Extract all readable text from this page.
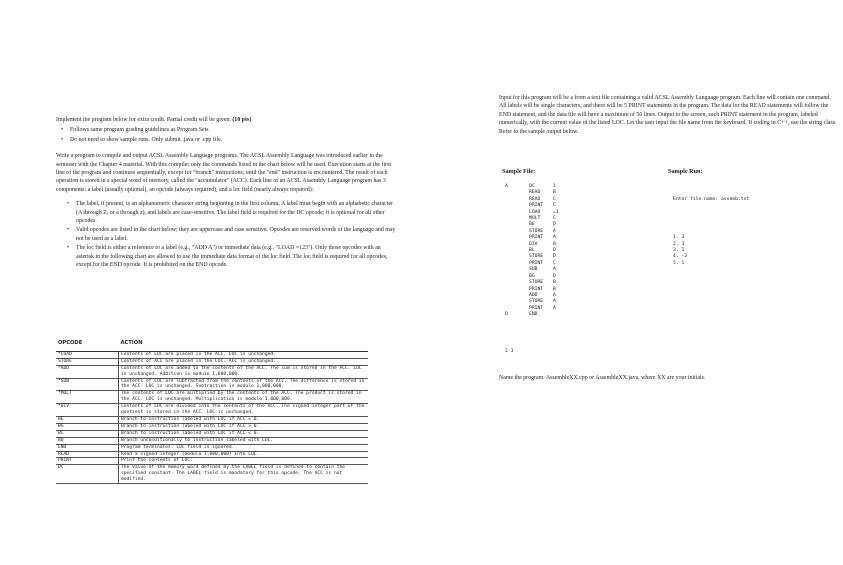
Implement the program below for extra credit. Partial credit will be given. (10 pts)

• Follows same program grading guidelines as Program Sets
• Do not need to show sample runs. Only submit .java or .cpp file.

Write a program to compile and output ACSL Assembly Language programs. The ACSL Assembly Language was introduced earlier in the semester with the Chapter 4 material. With this compiler only the commands listed in the chart below will be used. Execution starts at the first line of the program and continues sequentially, except for "branch" instructions, until the "end" instruction is encountered. The result of each operation is stored in a special word of memory, called the "accumulator" (ACC). Each line of an ACSL Assembly Language program has 3 components: a label (usually optional), an opcode (always required), and a loc field (nearly always required):

• The label, if present, is an alphanumeric character string beginning in the first column. A label must begin with an alphabetic character (A through Z, or a through z), and labels are case-sensitive. The label field is required for the DC opcode; it is optional for all other opcodes.
• Valid opcodes are listed in the chart below; they are uppercase and case sensitive. Opcodes are reserved words of the language and may not be used as a label.
• The loc field is either a reference to a label (e.g., "ADD A") or immediate data (e.g., "LOAD =123"). Only those opcodes with an asterisk in the following chart are allowed to use the immediate data format of the loc field. The loc field is required for all opcodes, except for the END opcode. It is prohibited on the END opcode.
OPCODE	ACTION
*LOAD	Contents of LOC are placed in the ACC. LOC is unchanged.
STORE	Contents of ACC are placed in the LOC. ACC is unchanged.
*ADD	Contents of LOC are added to the contents of the ACC. The sum is stored in the ACC. LOC is unchanged. Addition is modulo 1,000,000.
*SUB	Contents of LOC are subtracted from the contents of the ACC. The difference is stored in the ACC. LOC is unchanged. Subtraction is modulo 1,000,000.
*MULT	The contents of LOC are multiplied by the contents of the ACC. The product is stored in the ACC. LOC is unchanged. Multiplication is modulo 1,000,000.
*DIV	Contents of LOC are divided into the contents of the ACC. The signed integer part of the quotient is stored in the ACC. LOC is unchanged.
BE	Branch to instruction labeled with LOC if ACC = 0.
BG	Branch to instruction labeled with LOC if ACC > 0.
BL	Branch to instruction labeled with LOC if ACC < 0.
BU	Branch unconditionally to instruction labeled with LOC.
END	Program terminates. LOC field is ignored.
READ	Read a signed integer (modulo 1,000,000) into LOC.
PRINT	Print the contents of LOC.
DC	The value of the memory word defined by the LABEL field is defined to contain the specified constant. The LABEL field is mandatory for this opcode. The ACC is not modified.

Input for this program will be a from a text file containing a valid ACSL Assembly Language program. Each line will contain one command. All labels will be single characters, and there will be 5 PRINT statements in the program. The data for the READ statements will follow the END statement, and the data file will have a maximum of 50 lines. Output to the screen, each PRINT statement in the program, labeled numerically, with the current value of the listed LOC. Let the user input the file name from the keyboard. If coding in C++, use the string class. Refer to the sample output below.

Sample File:	Sample Run:
A	DC	1
READ	B
READ	C
PRINT	C
LOAD	=1
MULT	C
BE	D
STORE	A
PRINT	A
DIV	B
BL	D
STORE	D
PRINT	C
SUB	A
BG	D
STORE	B
PRINT	B
ADD	A
STORE	A
PRINT	A
D	END
2 3

Enter file name: assemb.txt

1. 3
2. 3
3. 1
4. -2
5. 1

Name the program: AssembleXX.cpp or AssembleXX.java, where XX are your initials.
